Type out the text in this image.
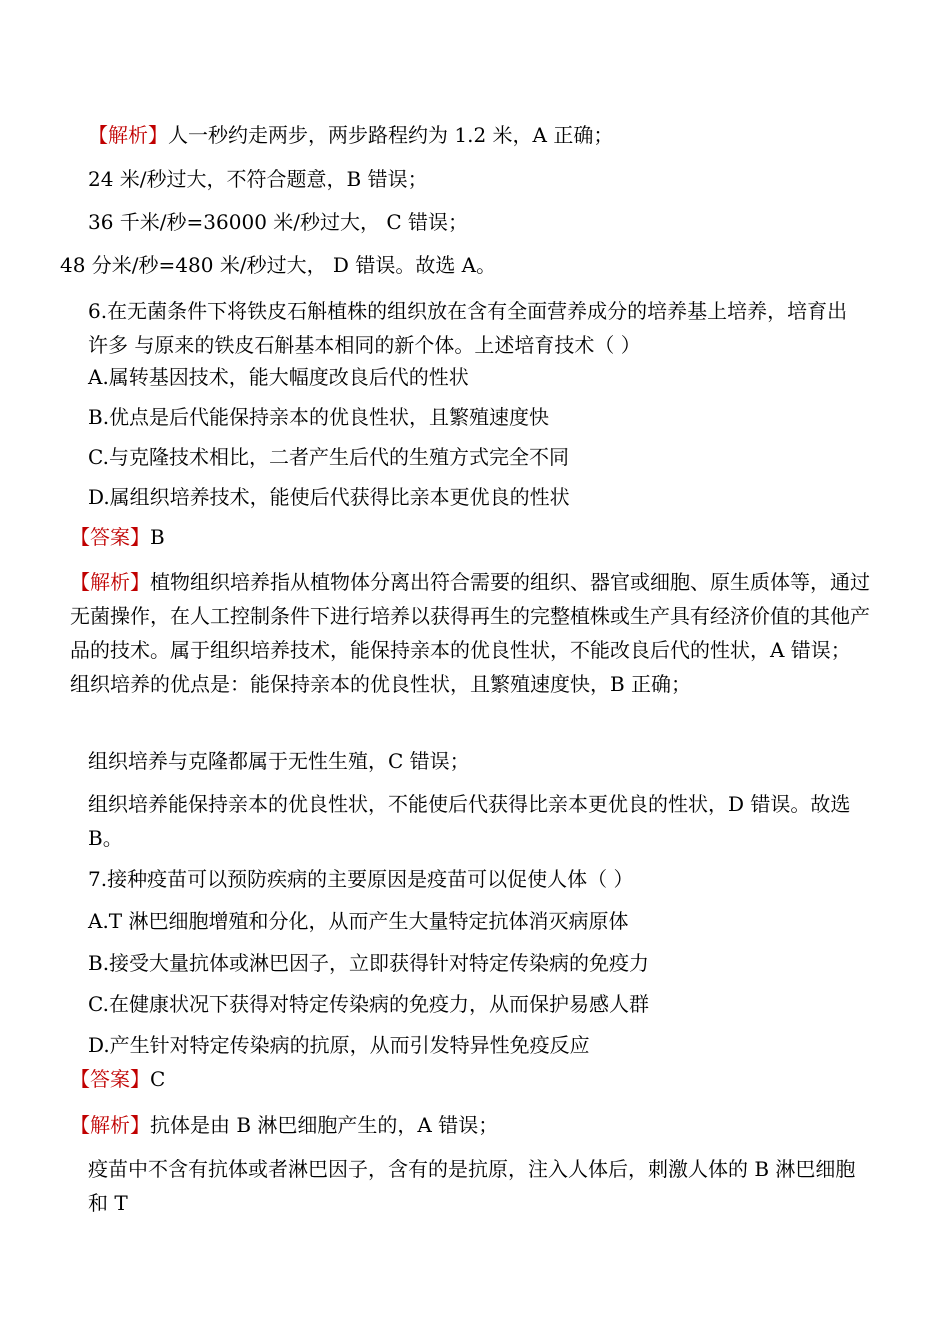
【解析】人一秒约走两步，两步路程约为 1.2 米，A 正确；
24 米/秒过大，不符合题意，B 错误；
36 千米/秒=36000 米/秒过大， C 错误；
48 分米/秒=480 米/秒过大， D 错误。故选 A。
6.在无菌条件下将铁皮石斛植株的组织放在含有全面营养成分的培养基上培养，培育出许多 与原来的铁皮石斛基本相同的新个体。上述培育技术（ ）
A.属转基因技术，能大幅度改良后代的性状
B.优点是后代能保持亲本的优良性状，且繁殖速度快
C.与克隆技术相比，二者产生后代的生殖方式完全不同
D.属组织培养技术，能使后代获得比亲本更优良的性状
【答案】B
【解析】植物组织培养指从植物体分离出符合需要的组织、器官或细胞、原生质体等，通过无菌操作，在人工控制条件下进行培养以获得再生的完整植株或生产具有经济价值的其他产品的技术。属于组织培养技术，能保持亲本的优良性状，不能改良后代的性状，A 错误； 组织培养的优点是：能保持亲本的优良性状，且繁殖速度快，B 正确；
组织培养与克隆都属于无性生殖，C 错误；
组织培养能保持亲本的优良性状，不能使后代获得比亲本更优良的性状，D 错误。故选 B。
7.接种疫苗可以预防疾病的主要原因是疫苗可以促使人体（ ）
A.T 淋巴细胞增殖和分化，从而产生大量特定抗体消灭病原体
B.接受大量抗体或淋巴因子，立即获得针对特定传染病的免疫力
C.在健康状况下获得对特定传染病的免疫力，从而保护易感人群
D.产生针对特定传染病的抗原，从而引发特异性免疫反应
【答案】C
【解析】抗体是由 B 淋巴细胞产生的，A 错误；
疫苗中不含有抗体或者淋巴因子，含有的是抗原，注入人体后，刺激人体的 B 淋巴细胞和 T
